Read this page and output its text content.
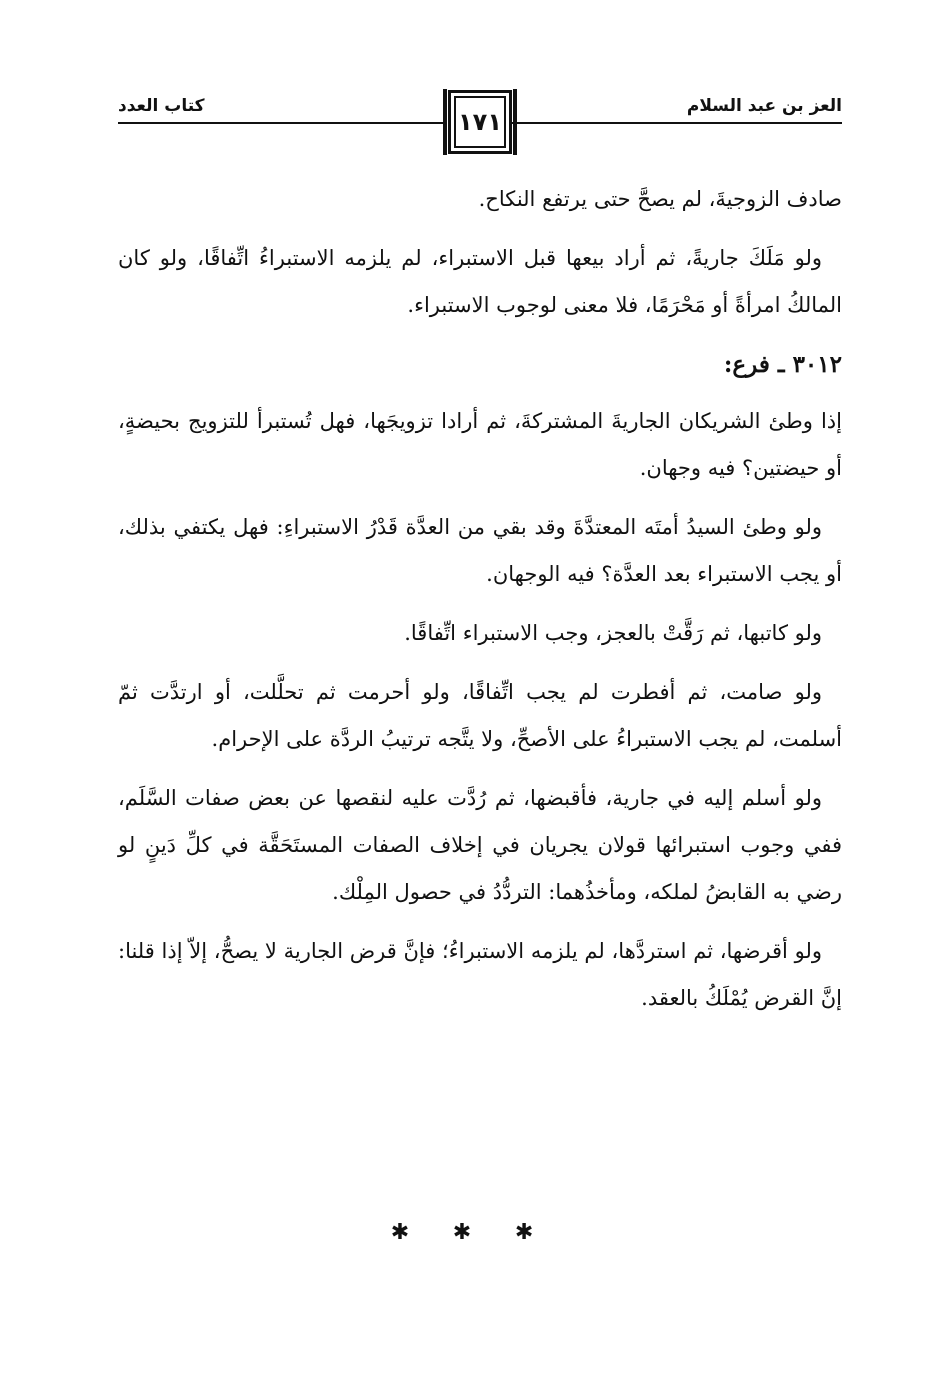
كتاب العدد
١٧١
العز بن عبد السلام

صادف الزوجيةَ، لم يصحَّ حتى يرتفع النكاح.

ولو مَلَكَ جاريةً، ثم أراد بيعها قبل الاستبراء، لم يلزمه الاستبراءُ اتِّفاقًا، ولو كان المالكُ امرأةً أو مَحْرَمًا، فلا معنى لوجوب الاستبراء.

٣٠١٢ ـ فرع:

إذا وطئ الشريكان الجاريةَ المشتركةَ، ثم أرادا تزويجَها، فهل تُستبرأ للتزويج بحيضةٍ، أو حيضتين؟ فيه وجهان.

ولو وطئ السيدُ أمتَه المعتدَّةَ وقد بقي من العدَّة قَدْرُ الاستبراءِ: فهل يكتفي بذلك، أو يجب الاستبراء بعد العدَّة؟ فيه الوجهان.

ولو كاتبها، ثم رَقَّتْ بالعجز، وجب الاستبراء اتِّفاقًا.

ولو صامت، ثم أفطرت لم يجب اتِّفاقًا، ولو أحرمت ثم تحلَّلت، أو ارتدَّت ثمّ أسلمت، لم يجب الاستبراءُ على الأصحِّ، ولا يتَّجه ترتيبُ الردَّة على الإحرام.

ولو أسلم إليه في جارية، فأقبضها، ثم رُدَّت عليه لنقصها عن بعض صفات السَّلَم، ففي وجوب استبرائها قولان يجريان في إخلاف الصفات المستَحَقَّة في كلِّ دَينٍ لو رضي به القابضُ لملكه، ومأخذُهما: التردُّدُ في حصول المِلْك.

ولو أقرضها، ثم استردَّها، لم يلزمه الاستبراءُ؛ فإنَّ قرض الجارية لا يصحُّ، إلاّ إذا قلنا: إنَّ القرض يُمْلَكُ بالعقد.

✱ ✱ ✱
